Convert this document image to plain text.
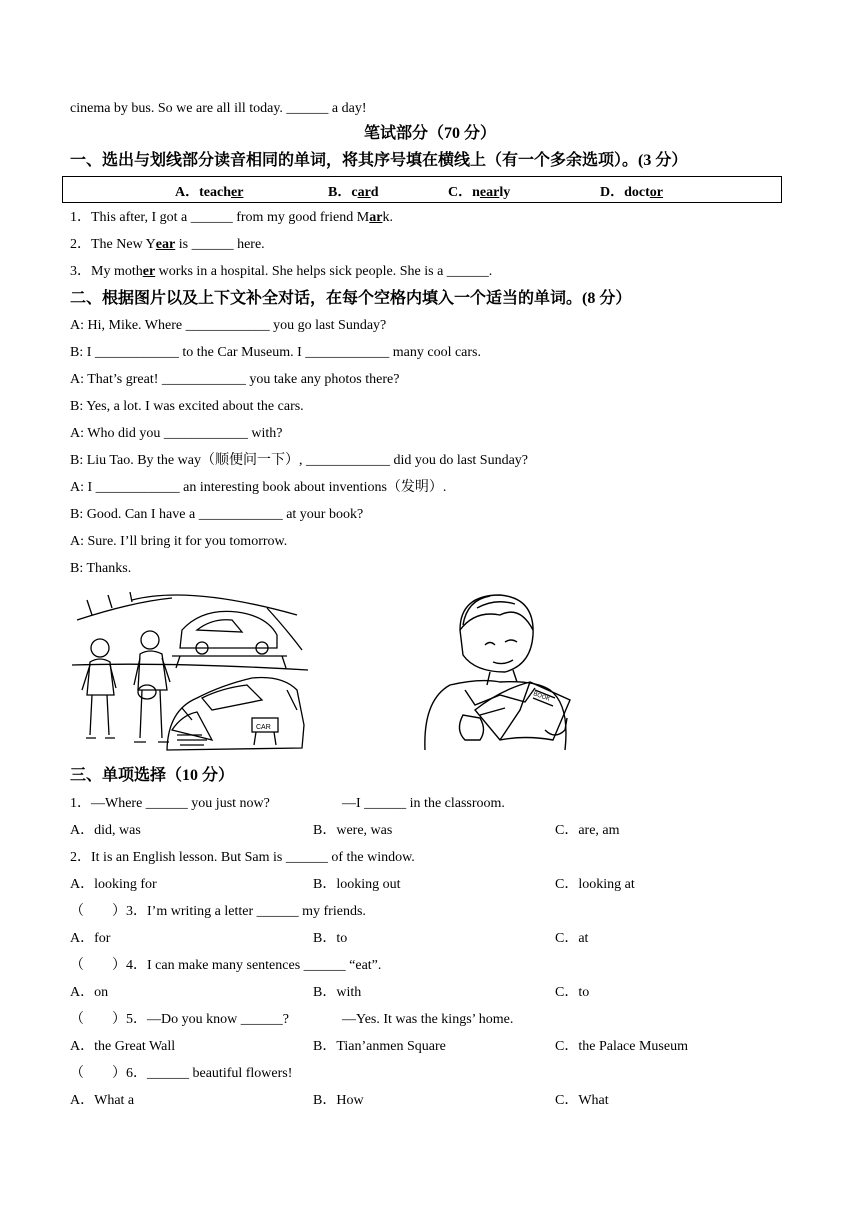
cinema by bus. So we are all ill today. ______ a day!
笔试部分（70 分）
一、选出与划线部分读音相同的单词，将其序号填在横线上（有一个多余选项）。(3 分）
A．teacher	B．card	C．nearly	D．doctor
1．This after, I got a ______ from my good friend Mark.
2．The New Year is ______ here.
3．My mother works in a hospital. She helps sick people. She is a ______.
二、根据图片以及上下文补全对话，在每个空格内填入一个适当的单词。(8 分）
A: Hi, Mike. Where ____________ you go last Sunday?
B: I ____________ to the Car Museum. I ____________ many cool cars.
A: That’s great! ____________ you take any photos there?
B: Yes, a lot. I was excited about the cars.
A: Who did you ____________ with?
B: Liu Tao. By the way（顺便问一下）, ____________ did you do last Sunday?
A: I ____________ an interesting book about inventions（发明）.
B: Good. Can I have a ____________ at your book?
A: Sure. I’ll bring it for you tomorrow.
B: Thanks.
CAR
BOOK
三、单项选择（10 分）
1．—Where ______ you just now?	—I ______ in the classroom.
A．did, was	B．were, was	C．are, am
2．It is an English lesson. But Sam is ______ of the window.
A．looking for	B．looking out	C．looking at
（　　）3．I’m writing a letter ______ my friends.
A．for	B．to	C．at
（　　）4．I can make many sentences ______ “eat”.
A．on	B．with	C．to
（　　）5．—Do you know ______?	—Yes. It was the kings’ home.
A．the Great Wall	B．Tian’anmen Square	C．the Palace Museum
（　　）6．______ beautiful flowers!
A．What a	B．How	C．What
